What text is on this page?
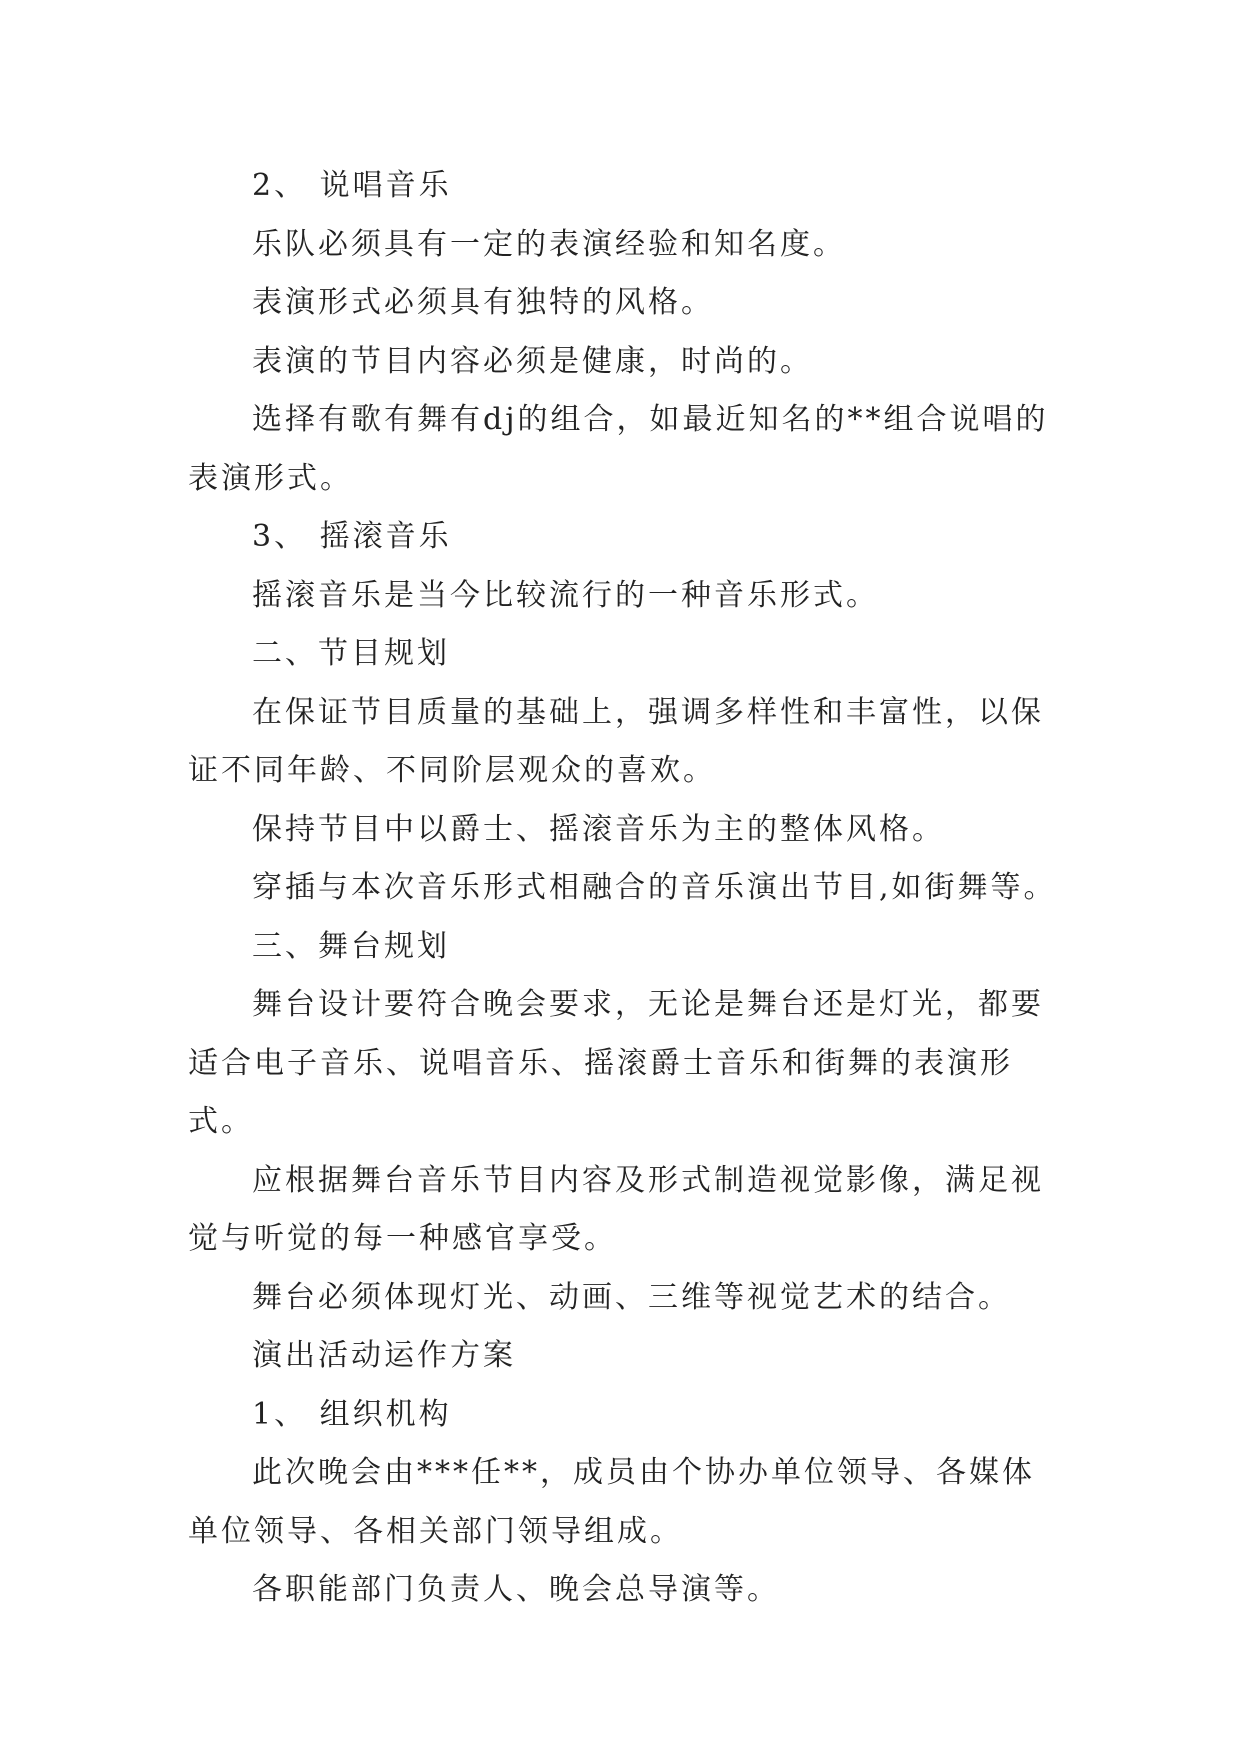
2、 说唱音乐

乐队必须具有一定的表演经验和知名度。

表演形式必须具有独特的风格。

表演的节目内容必须是健康，时尚的。

选择有歌有舞有dj的组合，如最近知名的**组合说唱的表演形式。

3、 摇滚音乐

摇滚音乐是当今比较流行的一种音乐形式。

二、节目规划

在保证节目质量的基础上，强调多样性和丰富性，以保证不同年龄、不同阶层观众的喜欢。

保持节目中以爵士、摇滚音乐为主的整体风格。

穿插与本次音乐形式相融合的音乐演出节目,如街舞等。

三、舞台规划

舞台设计要符合晚会要求，无论是舞台还是灯光，都要适合电子音乐、说唱音乐、摇滚爵士音乐和街舞的表演形式。

应根据舞台音乐节目内容及形式制造视觉影像，满足视觉与听觉的每一种感官享受。

舞台必须体现灯光、动画、三维等视觉艺术的结合。

演出活动运作方案

1、 组织机构

此次晚会由***任**，成员由个协办单位领导、各媒体单位领导、各相关部门领导组成。

各职能部门负责人、晚会总导演等。
